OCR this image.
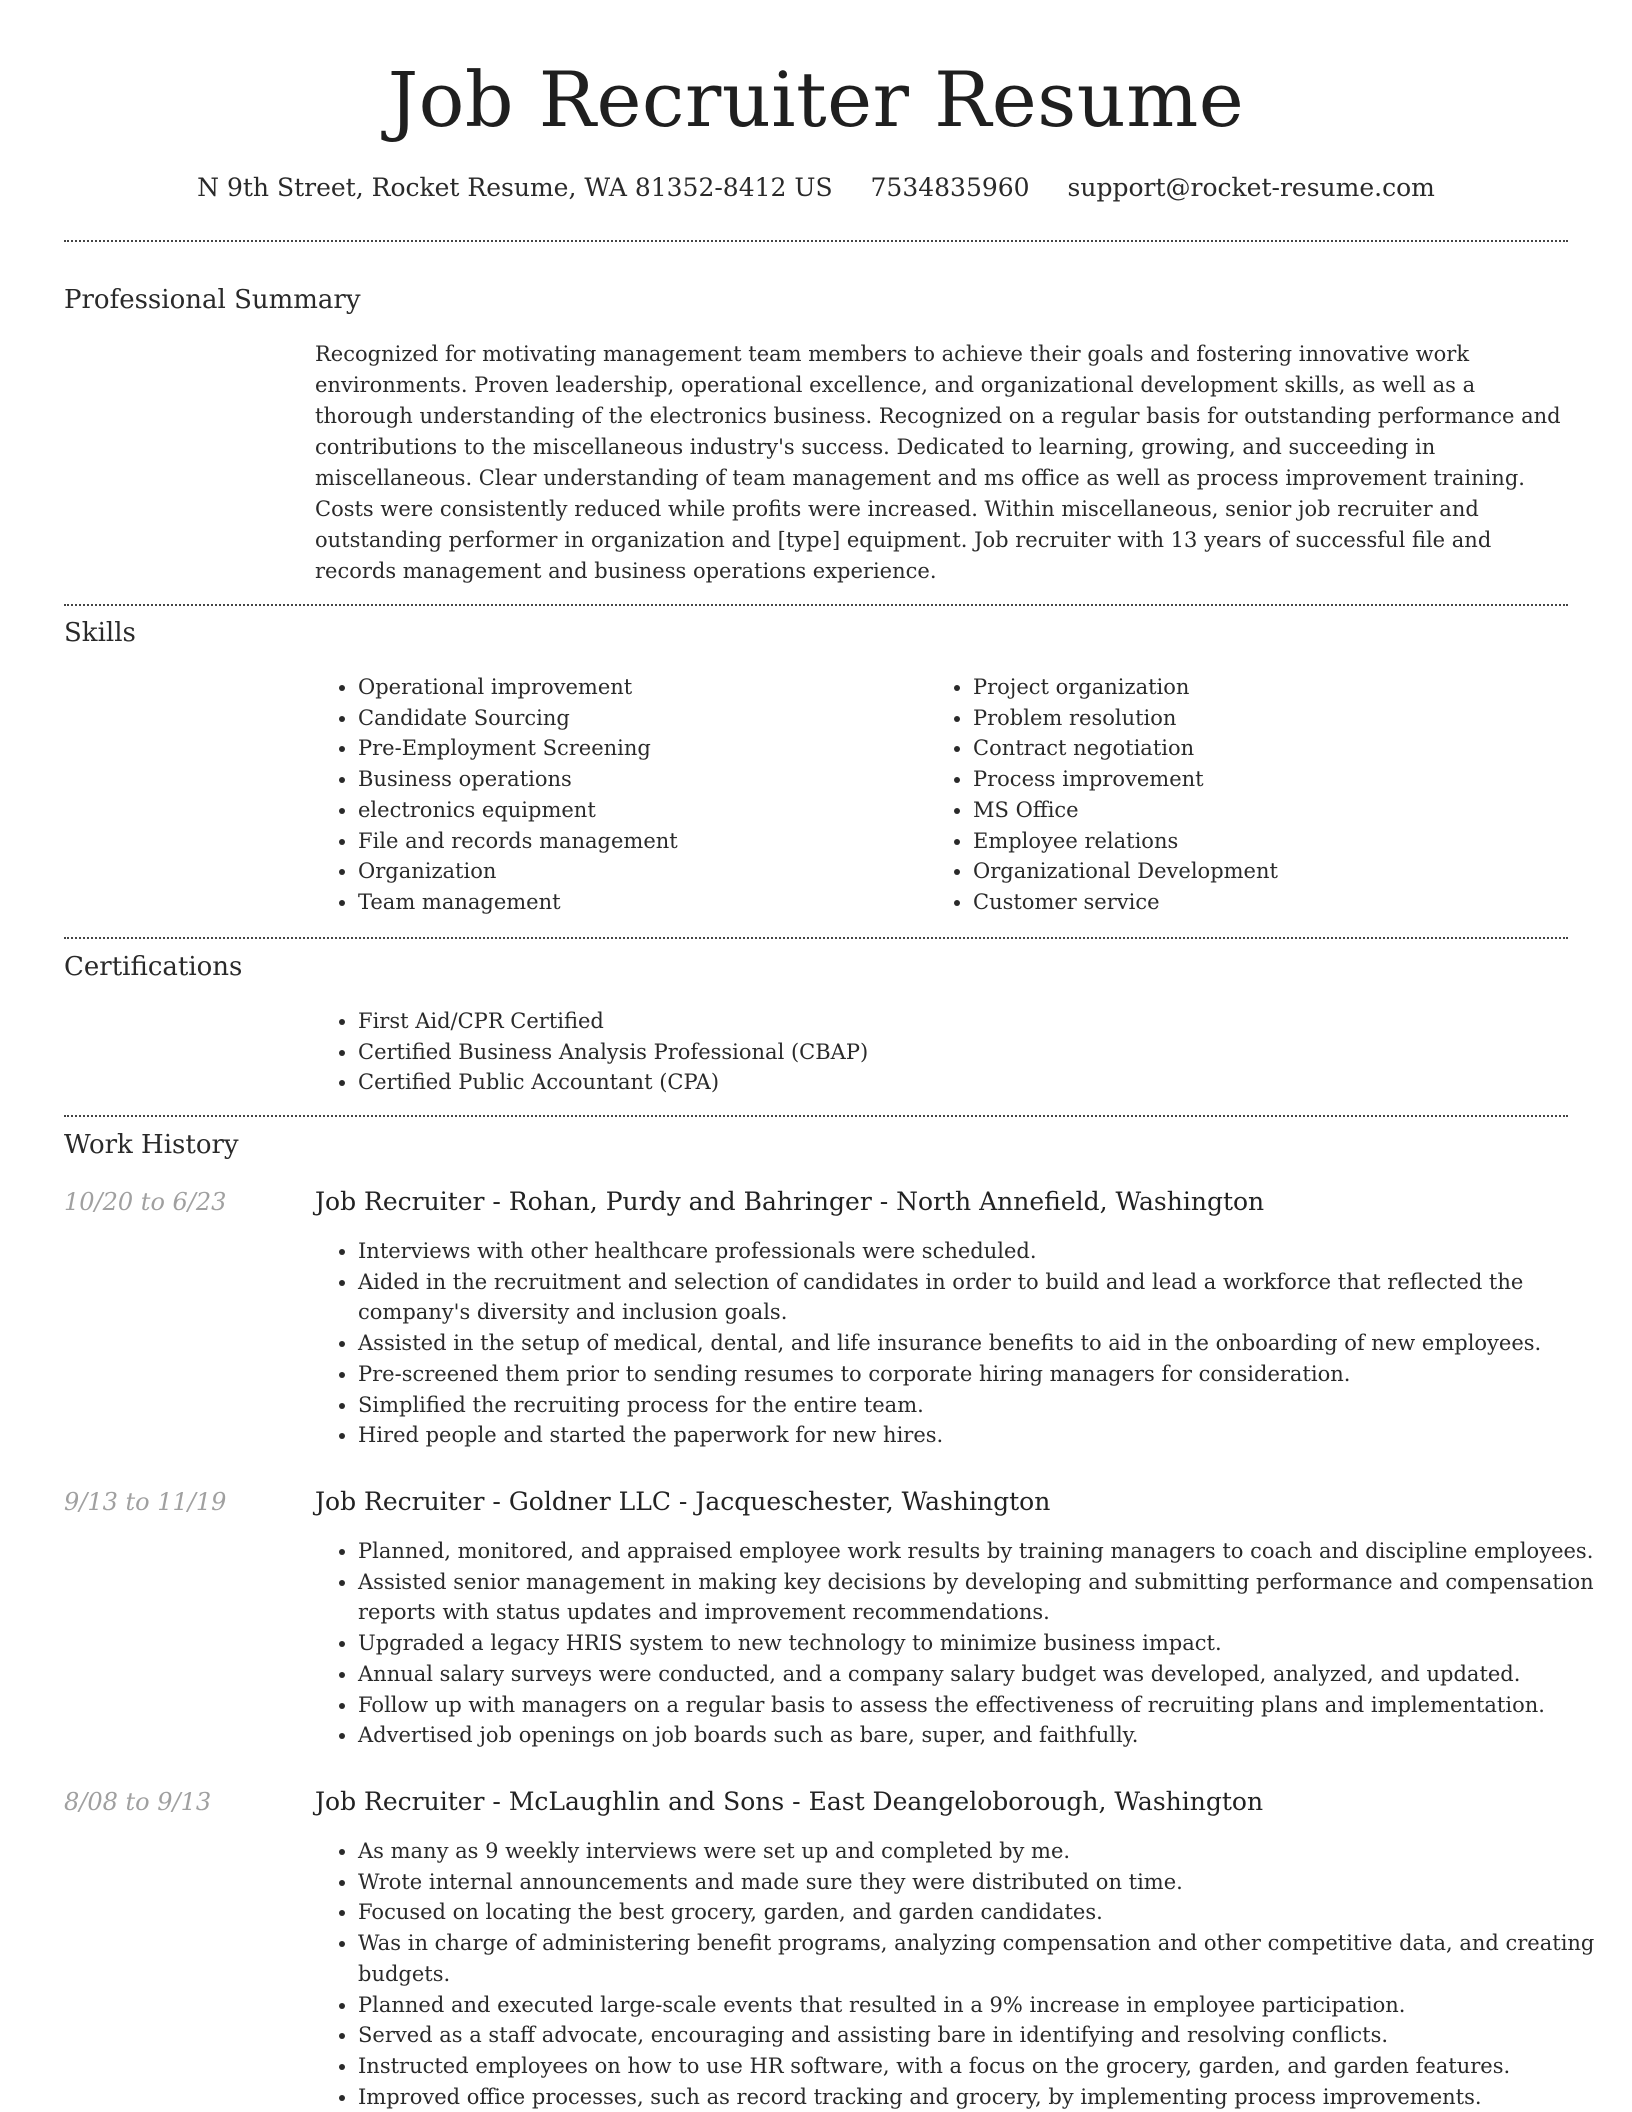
Job Recruiter Resume
N 9th Street, Rocket Resume, WA 81352-8412 US 7534835960 support@rocket-resume.com
Professional Summary
Recognized for motivating management team members to achieve their goals and fostering innovative work environments. Proven leadership, operational excellence, and organizational development skills, as well as a thorough understanding of the electronics business. Recognized on a regular basis for outstanding performance and contributions to the miscellaneous industry's success. Dedicated to learning, growing, and succeeding in miscellaneous. Clear understanding of team management and ms office as well as process improvement training. Costs were consistently reduced while profits were increased. Within miscellaneous, senior job recruiter and outstanding performer in organization and [type] equipment. Job recruiter with 13 years of successful file and records management and business operations experience.
Skills
• Operational improvement
• Candidate Sourcing
• Pre-Employment Screening
• Business operations
• electronics equipment
• File and records management
• Organization
• Team management
• Project organization
• Problem resolution
• Contract negotiation
• Process improvement
• MS Office
• Employee relations
• Organizational Development
• Customer service
Certifications
• First Aid/CPR Certified
• Certified Business Analysis Professional (CBAP)
• Certified Public Accountant (CPA)
Work History
10/20 to 6/23	Job Recruiter - Rohan, Purdy and Bahringer - North Annefield, Washington
• Interviews with other healthcare professionals were scheduled.
• Aided in the recruitment and selection of candidates in order to build and lead a workforce that reflected the company's diversity and inclusion goals.
• Assisted in the setup of medical, dental, and life insurance benefits to aid in the onboarding of new employees.
• Pre-screened them prior to sending resumes to corporate hiring managers for consideration.
• Simplified the recruiting process for the entire team.
• Hired people and started the paperwork for new hires.
9/13 to 11/19	Job Recruiter - Goldner LLC - Jacqueschester, Washington
• Planned, monitored, and appraised employee work results by training managers to coach and discipline employees.
• Assisted senior management in making key decisions by developing and submitting performance and compensation reports with status updates and improvement recommendations.
• Upgraded a legacy HRIS system to new technology to minimize business impact.
• Annual salary surveys were conducted, and a company salary budget was developed, analyzed, and updated.
• Follow up with managers on a regular basis to assess the effectiveness of recruiting plans and implementation.
• Advertised job openings on job boards such as bare, super, and faithfully.
8/08 to 9/13	Job Recruiter - McLaughlin and Sons - East Deangeloborough, Washington
• As many as 9 weekly interviews were set up and completed by me.
• Wrote internal announcements and made sure they were distributed on time.
• Focused on locating the best grocery, garden, and garden candidates.
• Was in charge of administering benefit programs, analyzing compensation and other competitive data, and creating budgets.
• Planned and executed large-scale events that resulted in a 9% increase in employee participation.
• Served as a staff advocate, encouraging and assisting bare in identifying and resolving conflicts.
• Instructed employees on how to use HR software, with a focus on the grocery, garden, and garden features.
• Improved office processes, such as record tracking and grocery, by implementing process improvements.
